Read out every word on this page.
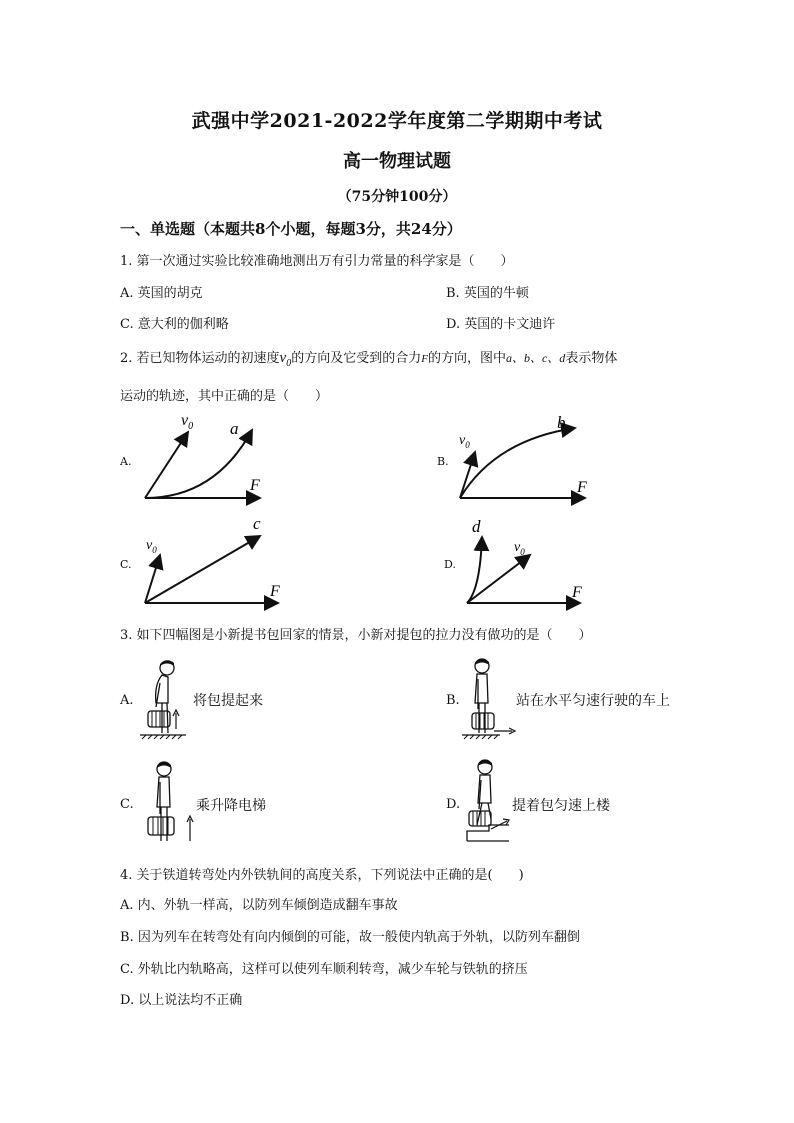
武强中学2021-2022学年度第二学期期中考试
高一物理试题
（75分钟100分）
一、单选题（本题共8个小题，每题3分，共24分）
1. 第一次通过实验比较准确地测出万有引力常量的科学家是（　　）
A. 英国的胡克	B. 英国的牛顿
C. 意大利的伽利略	D. 英国的卡文迪许
2. 若已知物体运动的初速度$v_0$的方向及它受到的合力F的方向，图中a、b、c、d表示物体
运动的轨迹，其中正确的是（　　）
A.	B.
C.	D.
$v_0$ a
F
$v_0$
b
F
$v_0$
c
F
d
$v_0$
F
3. 如下四幅图是小新提书包回家的情景，小新对提包的拉力没有做功的是（　　）
A.	将包提起来	B.	站在水平匀速行驶的车上
C.	乘升降电梯	D.	提着包匀速上楼
4. 关于铁道转弯处内外铁轨间的高度关系，下列说法中正确的是(　　)
A. 内、外轨一样高，以防列车倾倒造成翻车事故
B. 因为列车在转弯处有向内倾倒的可能，故一般使内轨高于外轨，以防列车翻倒
C. 外轨比内轨略高，这样可以使列车顺利转弯，减少车轮与铁轨的挤压
D. 以上说法均不正确
